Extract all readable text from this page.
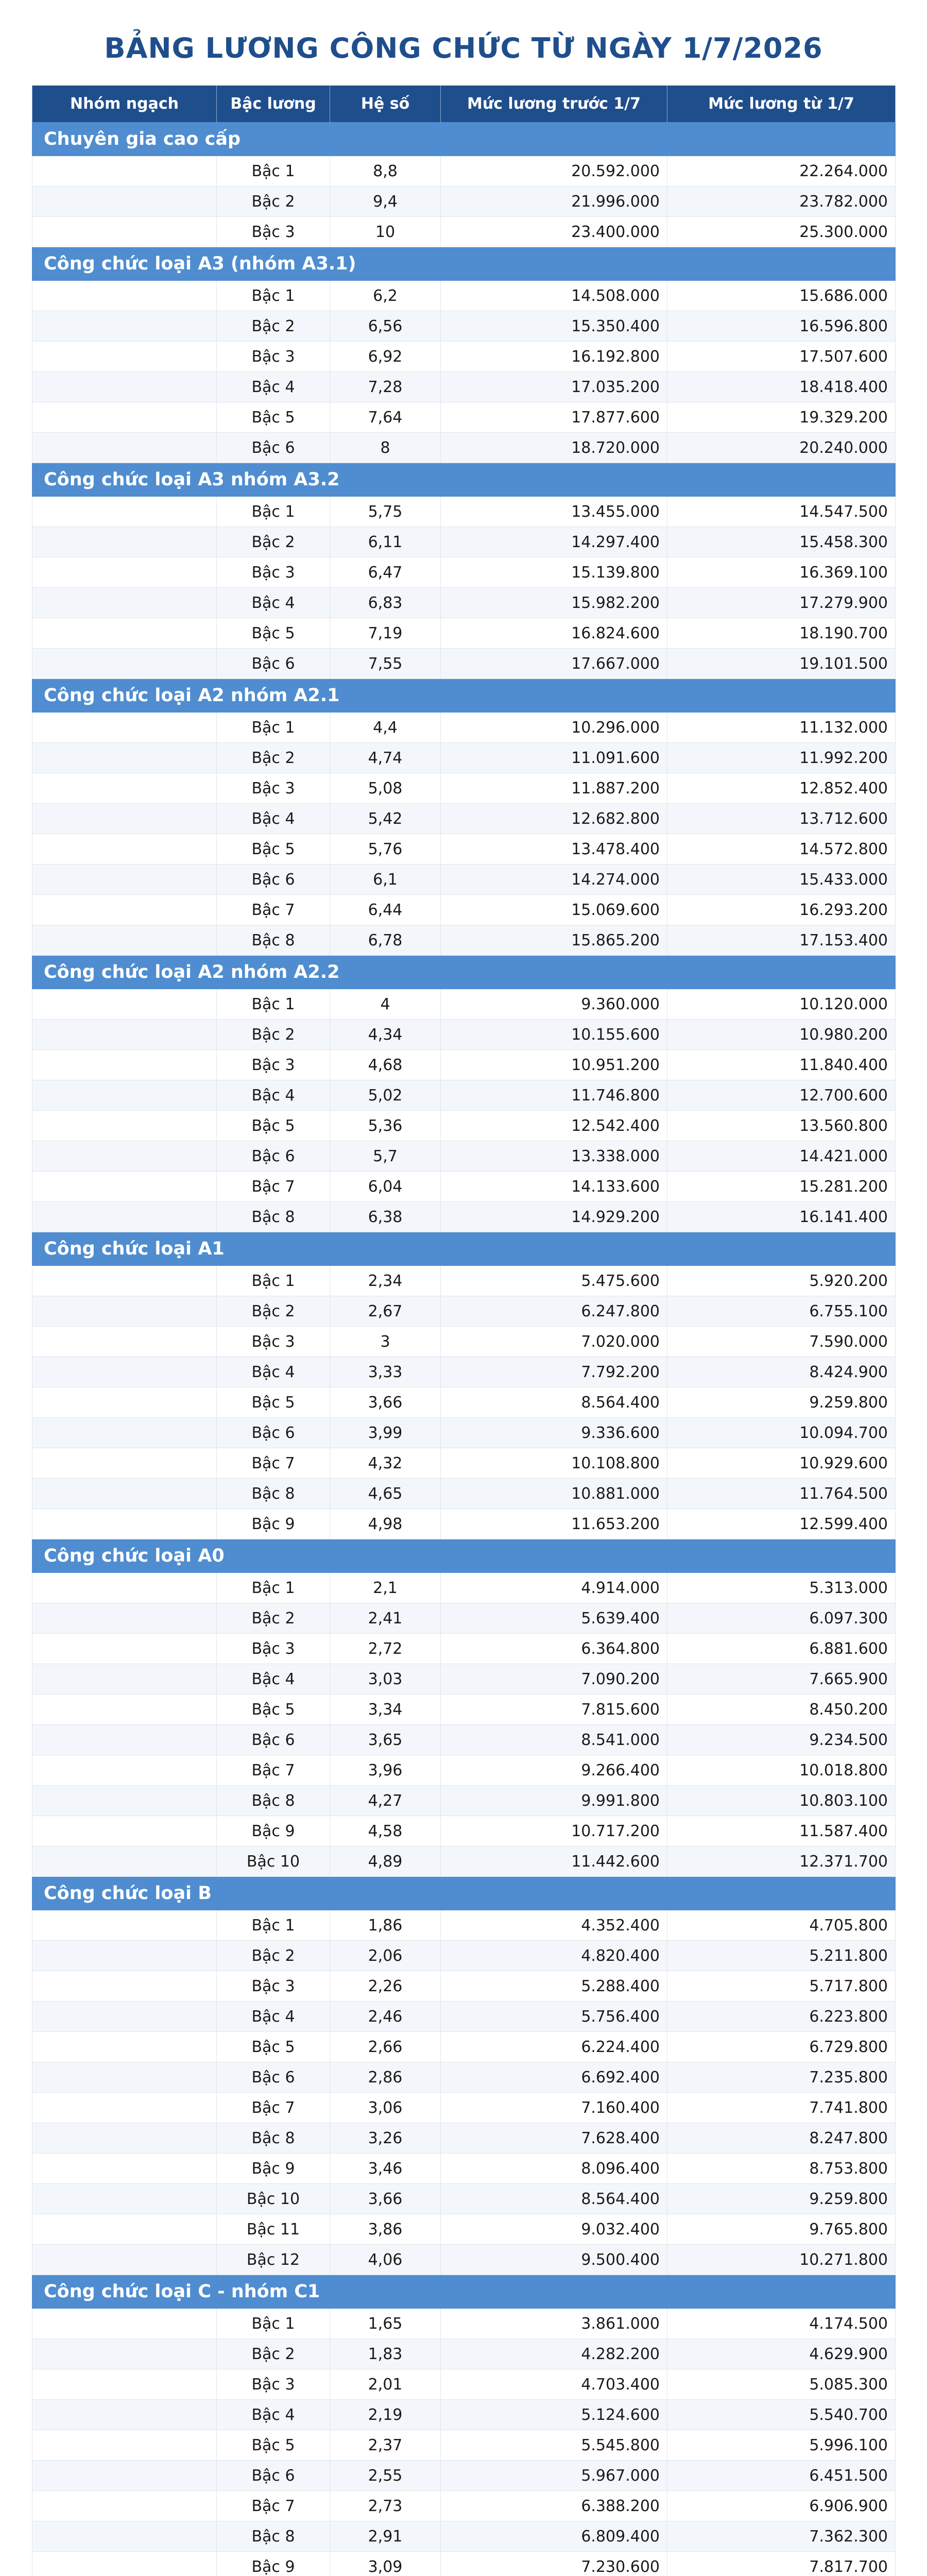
BẢNG LƯƠNG CÔNG CHỨC TỪ NGÀY 1/7/2026
Nhóm ngạch	Bậc lương	Hệ số	Mức lương trước 1/7	Mức lương từ 1/7
Chuyên gia cao cấp				
	Bậc 1	8,8	20.592.000	22.264.000
	Bậc 2	9,4	21.996.000	23.782.000
	Bậc 3	10	23.400.000	25.300.000
Công chức loại A3 (nhóm A3.1)				
	Bậc 1	6,2	14.508.000	15.686.000
	Bậc 2	6,56	15.350.400	16.596.800
	Bậc 3	6,92	16.192.800	17.507.600
	Bậc 4	7,28	17.035.200	18.418.400
	Bậc 5	7,64	17.877.600	19.329.200
	Bậc 6	8	18.720.000	20.240.000
Công chức loại A3 nhóm A3.2				
	Bậc 1	5,75	13.455.000	14.547.500
	Bậc 2	6,11	14.297.400	15.458.300
	Bậc 3	6,47	15.139.800	16.369.100
	Bậc 4	6,83	15.982.200	17.279.900
	Bậc 5	7,19	16.824.600	18.190.700
	Bậc 6	7,55	17.667.000	19.101.500
Công chức loại A2 nhóm A2.1				
	Bậc 1	4,4	10.296.000	11.132.000
	Bậc 2	4,74	11.091.600	11.992.200
	Bậc 3	5,08	11.887.200	12.852.400
	Bậc 4	5,42	12.682.800	13.712.600
	Bậc 5	5,76	13.478.400	14.572.800
	Bậc 6	6,1	14.274.000	15.433.000
	Bậc 7	6,44	15.069.600	16.293.200
	Bậc 8	6,78	15.865.200	17.153.400
Công chức loại A2 nhóm A2.2				
	Bậc 1	4	9.360.000	10.120.000
	Bậc 2	4,34	10.155.600	10.980.200
	Bậc 3	4,68	10.951.200	11.840.400
	Bậc 4	5,02	11.746.800	12.700.600
	Bậc 5	5,36	12.542.400	13.560.800
	Bậc 6	5,7	13.338.000	14.421.000
	Bậc 7	6,04	14.133.600	15.281.200
	Bậc 8	6,38	14.929.200	16.141.400
Công chức loại A1				
	Bậc 1	2,34	5.475.600	5.920.200
	Bậc 2	2,67	6.247.800	6.755.100
	Bậc 3	3	7.020.000	7.590.000
	Bậc 4	3,33	7.792.200	8.424.900
	Bậc 5	3,66	8.564.400	9.259.800
	Bậc 6	3,99	9.336.600	10.094.700
	Bậc 7	4,32	10.108.800	10.929.600
	Bậc 8	4,65	10.881.000	11.764.500
	Bậc 9	4,98	11.653.200	12.599.400
Công chức loại A0				
	Bậc 1	2,1	4.914.000	5.313.000
	Bậc 2	2,41	5.639.400	6.097.300
	Bậc 3	2,72	6.364.800	6.881.600
	Bậc 4	3,03	7.090.200	7.665.900
	Bậc 5	3,34	7.815.600	8.450.200
	Bậc 6	3,65	8.541.000	9.234.500
	Bậc 7	3,96	9.266.400	10.018.800
	Bậc 8	4,27	9.991.800	10.803.100
	Bậc 9	4,58	10.717.200	11.587.400
	Bậc 10	4,89	11.442.600	12.371.700
Công chức loại B				
	Bậc 1	1,86	4.352.400	4.705.800
	Bậc 2	2,06	4.820.400	5.211.800
	Bậc 3	2,26	5.288.400	5.717.800
	Bậc 4	2,46	5.756.400	6.223.800
	Bậc 5	2,66	6.224.400	6.729.800
	Bậc 6	2,86	6.692.400	7.235.800
	Bậc 7	3,06	7.160.400	7.741.800
	Bậc 8	3,26	7.628.400	8.247.800
	Bậc 9	3,46	8.096.400	8.753.800
	Bậc 10	3,66	8.564.400	9.259.800
	Bậc 11	3,86	9.032.400	9.765.800
	Bậc 12	4,06	9.500.400	10.271.800
Công chức loại C - nhóm C1				
	Bậc 1	1,65	3.861.000	4.174.500
	Bậc 2	1,83	4.282.200	4.629.900
	Bậc 3	2,01	4.703.400	5.085.300
	Bậc 4	2,19	5.124.600	5.540.700
	Bậc 5	2,37	5.545.800	5.996.100
	Bậc 6	2,55	5.967.000	6.451.500
	Bậc 7	2,73	6.388.200	6.906.900
	Bậc 8	2,91	6.809.400	7.362.300
	Bậc 9	3,09	7.230.600	7.817.700
